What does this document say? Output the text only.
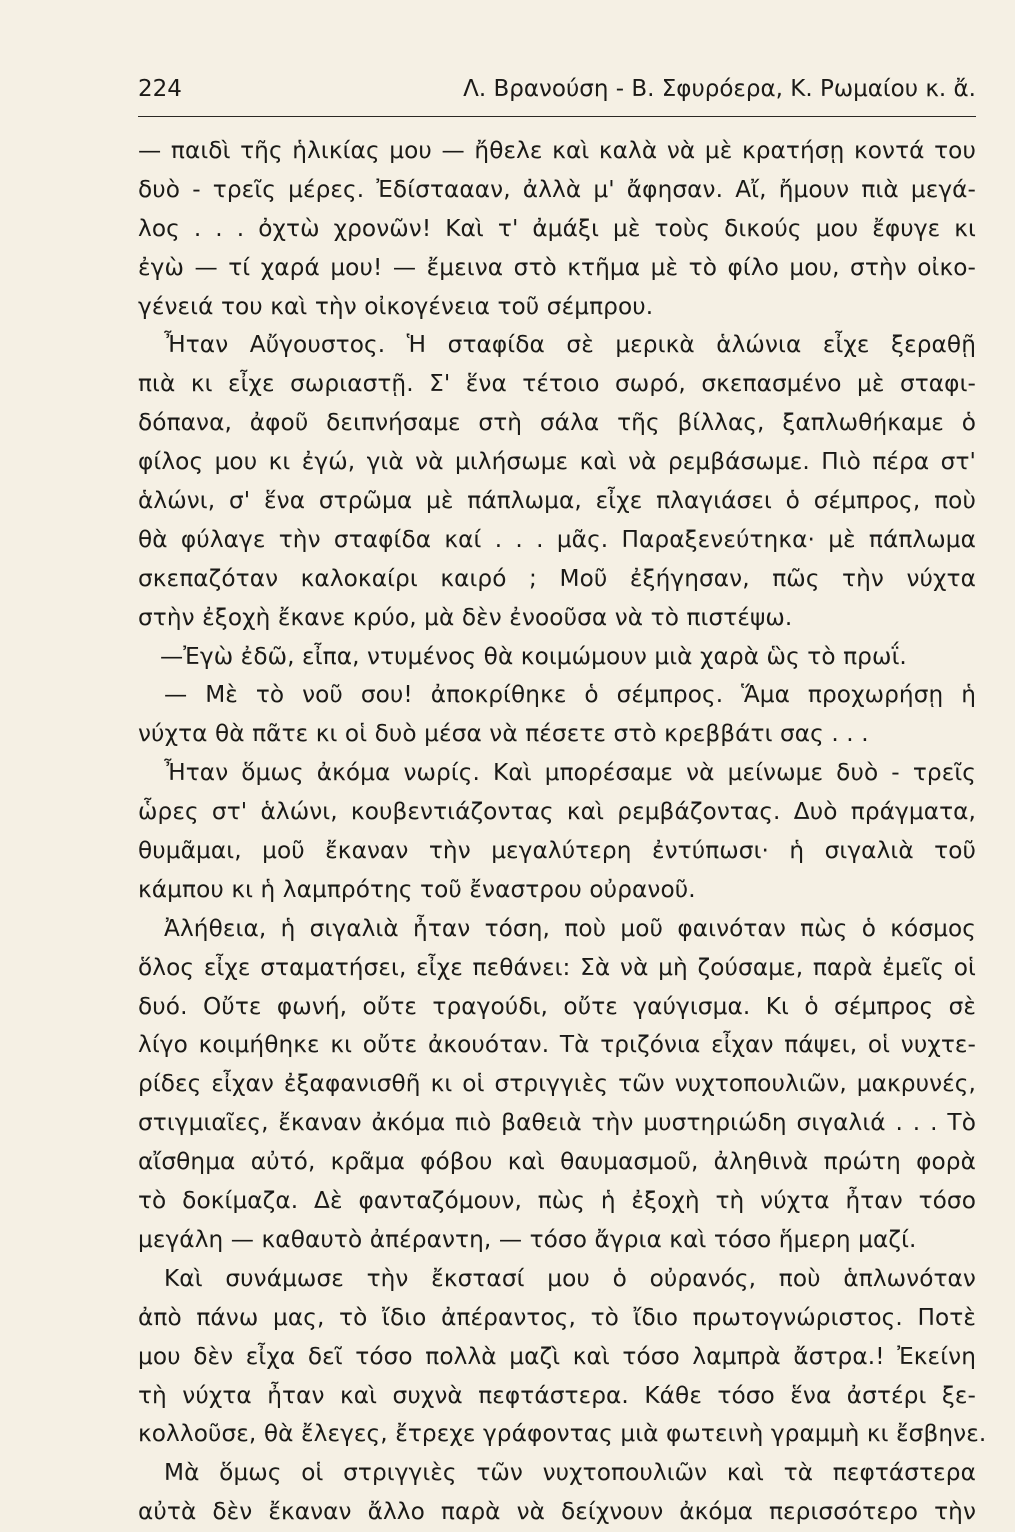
224	Λ. Βρανούση - Β. Σφυρόερα, Κ. Ρωμαίου κ. ἄ.
— παιδὶ τῆς ἡλικίας μου — ἤθελε καὶ καλὰ νὰ μὲ κρατήσῃ κοντά του
δυὸ - τρεῖς μέρες. Ἐδίσταααν, ἀλλὰ μ' ἄφησαν. Αἴ, ἤμουν πιὰ μεγά-
λος . . . ὀχτὼ χρονῶν! Καὶ τ' ἀμάξι μὲ τοὺς δικούς μου ἔφυγε κι
ἐγὼ — τί χαρά μου! — ἔμεινα στὸ κτῆμα μὲ τὸ φίλο μου, στὴν οἰκο-
γένειά του καὶ τὴν οἰκογένεια τοῦ σέμπρου.
Ἦταν Αὔγουστος. Ἡ σταφίδα σὲ μερικὰ ἁλώνια εἶχε ξεραθῇ
πιὰ κι εἶχε σωριαστῇ. Σ' ἕνα τέτοιο σωρό, σκεπασμένο μὲ σταφι-
δόπανα, ἀφοῦ δειπνήσαμε στὴ σάλα τῆς βίλλας, ξαπλωθήκαμε ὁ
φίλος μου κι ἐγώ, γιὰ νὰ μιλήσωμε καὶ νὰ ρεμβάσωμε. Πιὸ πέρα στ'
ἁλώνι, σ' ἕνα στρῶμα μὲ πάπλωμα, εἶχε πλαγιάσει ὁ σέμπρος, ποὺ
θὰ φύλαγε τὴν σταφίδα καί . . . μᾶς. Παραξενεύτηκα· μὲ πάπλωμα
σκεπαζόταν καλοκαίρι καιρό ; Μοῦ ἐξήγησαν, πῶς τὴν νύχτα
στὴν ἐξοχὴ ἔκανε κρύο, μὰ δὲν ἐνοοῦσα νὰ τὸ πιστέψω.
—Ἐγὼ ἐδῶ, εἶπα, ντυμένος θὰ κοιμώμουν μιὰ χαρὰ ὣς τὸ πρωΐ.
— Μὲ τὸ νοῦ σου! ἀποκρίθηκε ὁ σέμπρος. Ἅμα προχωρήσῃ ἡ
νύχτα θὰ πᾶτε κι οἱ δυὸ μέσα νὰ πέσετε στὸ κρεββάτι σας . . .
Ἦταν ὅμως ἀκόμα νωρίς. Καὶ μπορέσαμε νὰ μείνωμε δυὸ - τρεῖς
ὧρες στ' ἁλώνι, κουβεντιάζοντας καὶ ρεμβάζοντας. Δυὸ πράγματα,
θυμᾶμαι, μοῦ ἔκαναν τὴν μεγαλύτερη ἐντύπωσι· ἡ σιγαλιὰ τοῦ
κάμπου κι ἡ λαμπρότης τοῦ ἔναστρου οὐρανοῦ.
Ἀλήθεια, ἡ σιγαλιὰ ἦταν τόση, ποὺ μοῦ φαινόταν πὼς ὁ κόσμος
ὅλος εἶχε σταματήσει, εἶχε πεθάνει: Σὰ νὰ μὴ ζούσαμε, παρὰ ἐμεῖς οἱ
δυό. Οὔτε φωνή, οὔτε τραγούδι, οὔτε γαύγισμα. Κι ὁ σέμπρος σὲ
λίγο κοιμήθηκε κι οὔτε ἀκουόταν. Τὰ τριζόνια εἶχαν πάψει, οἱ νυχτε-
ρίδες εἶχαν ἐξαφανισθῆ κι οἱ στριγγιὲς τῶν νυχτοπουλιῶν, μακρυνές,
στιγμιαῖες, ἔκαναν ἀκόμα πιὸ βαθειὰ τὴν μυστηριώδη σιγαλιά . . . Τὸ
αἴσθημα αὐτό, κρᾶμα φόβου καὶ θαυμασμοῦ, ἀληθινὰ πρώτη φορὰ
τὸ δοκίμαζα. Δὲ φανταζόμουν, πὼς ἡ ἐξοχὴ τὴ νύχτα ἦταν τόσο
μεγάλη — καθαυτὸ ἀπέραντη, — τόσο ἄγρια καὶ τόσο ἥμερη μαζί.
Καὶ συνάμωσε τὴν ἔκστασί μου ὁ οὐρανός, ποὺ ἁπλωνόταν
ἀπὸ πάνω μας, τὸ ἴδιο ἀπέραντος, τὸ ἴδιο πρωτογνώριστος. Ποτὲ
μου δὲν εἶχα δεῖ τόσο πολλὰ μαζὶ καὶ τόσο λαμπρὰ ἄστρα.! Ἐκείνη
τὴ νύχτα ἦταν καὶ συχνὰ πεφτάστερα. Κάθε τόσο ἕνα ἀστέρι ξε-
κολλοῦσε, θὰ ἔλεγες, ἔτρεχε γράφοντας μιὰ φωτεινὴ γραμμὴ κι ἔσβηνε.
Μὰ ὅμως οἱ στριγγιὲς τῶν νυχτοπουλιῶν καὶ τὰ πεφτάστερα
αὐτὰ δὲν ἔκαναν ἄλλο παρὰ νὰ δείχνουν ἀκόμα περισσότερο τὴν
